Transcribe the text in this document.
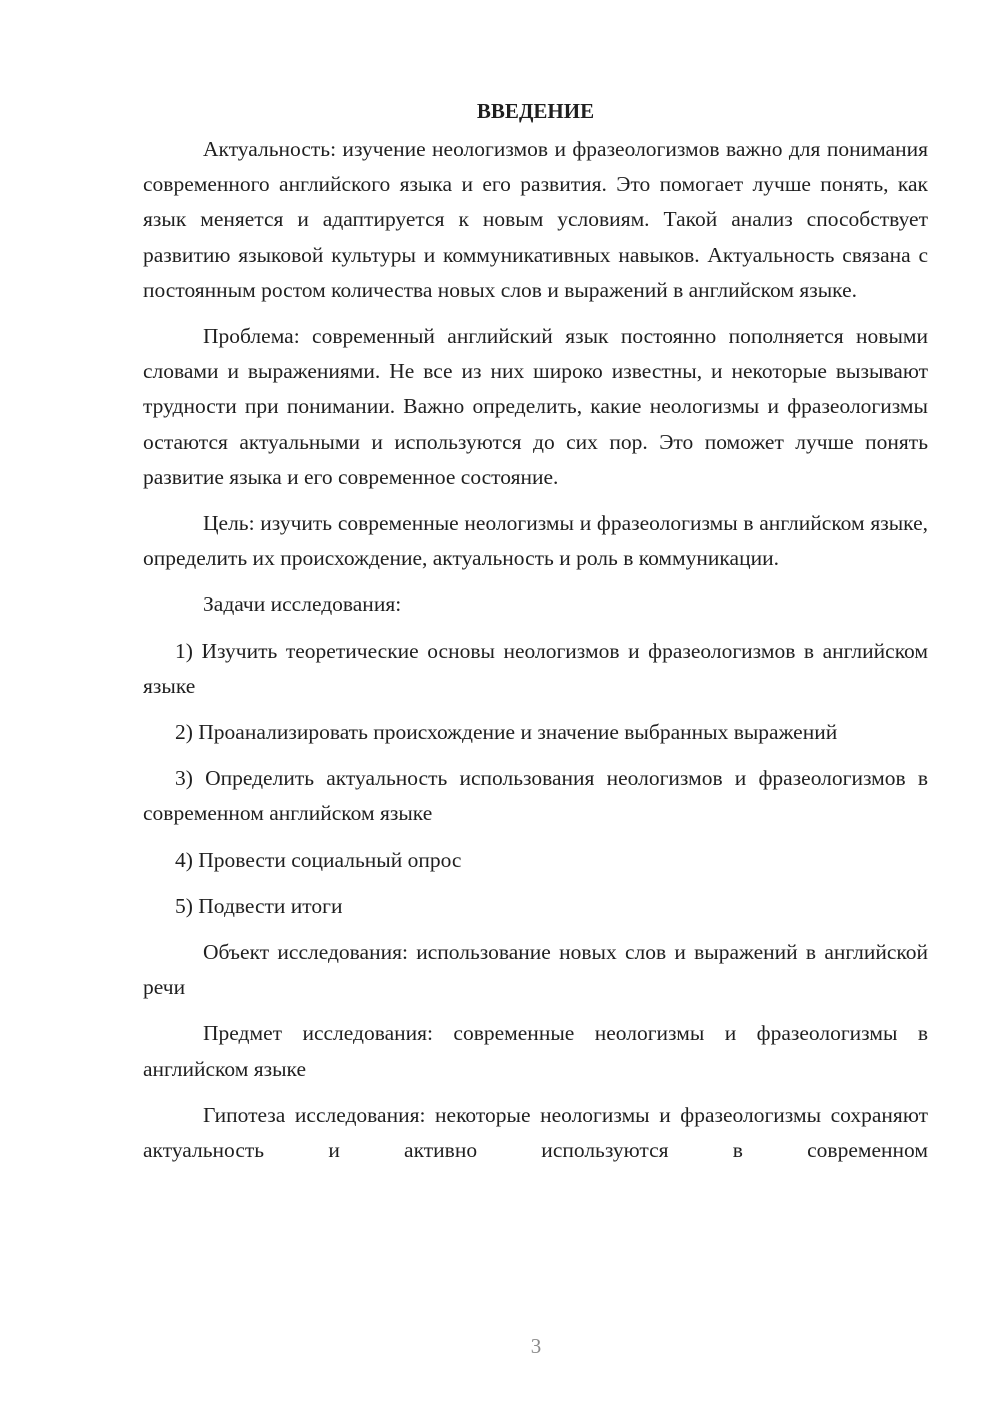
ВВЕДЕНИЕ

Актуальность: изучение неологизмов и фразеологизмов важно для понимания современного английского языка и его развития. Это помогает лучше понять, как язык меняется и адаптируется к новым условиям. Такой анализ способствует развитию языковой культуры и коммуникативных навыков. Актуальность связана с постоянным ростом количества новых слов и выражений в английском языке.

Проблема: современный английский язык постоянно пополняется новыми словами и выражениями. Не все из них широко известны, и некоторые вызывают трудности при понимании. Важно определить, какие неологизмы и фразеологизмы остаются актуальными и используются до сих пор. Это поможет лучше понять развитие языка и его современное состояние.

Цель: изучить современные неологизмы и фразеологизмы в английском языке, определить их происхождение, актуальность и роль в коммуникации.

Задачи исследования:

1) Изучить теоретические основы неологизмов и фразеологизмов в английском языке

2) Проанализировать происхождение и значение выбранных выражений

3) Определить актуальность использования неологизмов и фразеологизмов в современном английском языке

4) Провести социальный опрос

5) Подвести итоги

Объект исследования: использование новых слов и выражений в английской речи

Предмет исследования: современные неологизмы и фразеологизмы в английском языке

Гипотеза исследования: некоторые неологизмы и фразеологизмы сохраняют актуальность и активно используются в современном

3
